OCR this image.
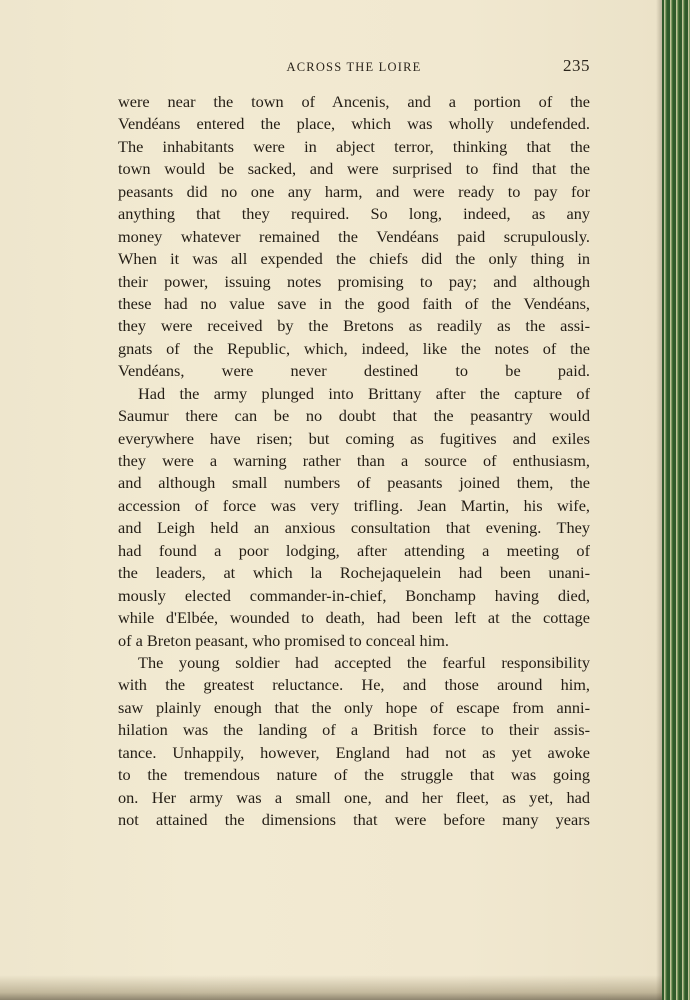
ACROSS THE LOIRE	235
were near the town of Ancenis, and a portion of the
Vendéans entered the place, which was wholly undefended.
The inhabitants were in abject terror, thinking that the
town would be sacked, and were surprised to find that the
peasants did no one any harm, and were ready to pay for
anything that they required. So long, indeed, as any
money whatever remained the Vendéans paid scrupulously.
When it was all expended the chiefs did the only thing in
their power, issuing notes promising to pay; and although
these had no value save in the good faith of the Vendéans,
they were received by the Bretons as readily as the assi-
gnats of the Republic, which, indeed, like the notes of the
Vendéans, were never destined to be paid.
Had the army plunged into Brittany after the capture of
Saumur there can be no doubt that the peasantry would
everywhere have risen; but coming as fugitives and exiles
they were a warning rather than a source of enthusiasm,
and although small numbers of peasants joined them, the
accession of force was very trifling. Jean Martin, his wife,
and Leigh held an anxious consultation that evening. They
had found a poor lodging, after attending a meeting of
the leaders, at which la Rochejaquelein had been unani-
mously elected commander-in-chief, Bonchamp having died,
while d'Elbée, wounded to death, had been left at the cottage
of a Breton peasant, who promised to conceal him.
The young soldier had accepted the fearful responsibility
with the greatest reluctance. He, and those around him,
saw plainly enough that the only hope of escape from anni-
hilation was the landing of a British force to their assis-
tance. Unhappily, however, England had not as yet awoke
to the tremendous nature of the struggle that was going
on. Her army was a small one, and her fleet, as yet, had
not attained the dimensions that were before many years
